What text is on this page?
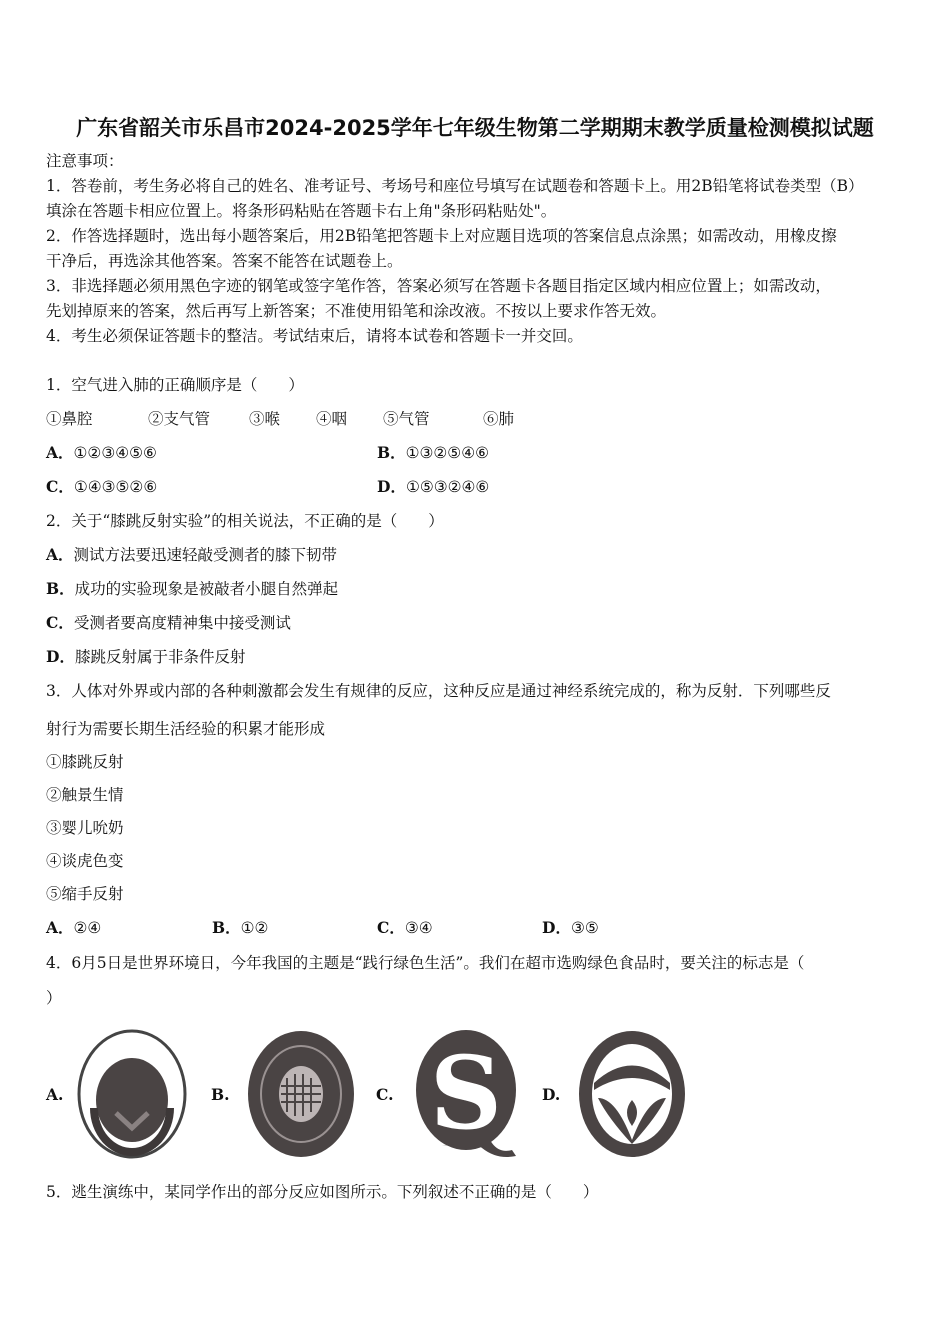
广东省韶关市乐昌市2024-2025学年七年级生物第二学期期末教学质量检测模拟试题
注意事项：
1．答卷前，考生务必将自己的姓名、准考证号、考场号和座位号填写在试题卷和答题卡上。用2B铅笔将试卷类型（B）
填涂在答题卡相应位置上。将条形码粘贴在答题卡右上角"条形码粘贴处"。
2．作答选择题时，选出每小题答案后，用2B铅笔把答题卡上对应题目选项的答案信息点涂黑；如需改动，用橡皮擦
干净后，再选涂其他答案。答案不能答在试题卷上。
3．非选择题必须用黑色字迹的钢笔或签字笔作答，答案必须写在答题卡各题目指定区域内相应位置上；如需改动，
先划掉原来的答案，然后再写上新答案；不准使用铅笔和涂改液。不按以上要求作答无效。
4．考生必须保证答题卡的整洁。考试结束后，请将本试卷和答题卡一并交回。
1．空气进入肺的正确顺序是（　　）
①鼻腔	②支气管	③喉 ④咽 ⑤气管	⑥肺
A．①②③④⑤⑥	B．①③②⑤④⑥
C．①④③⑤②⑥	D．①⑤③②④⑥
2．关于“膝跳反射实验”的相关说法，不正确的是（　　）
A．测试方法要迅速轻敲受测者的膝下韧带
B．成功的实验现象是被敲者小腿自然弹起
C．受测者要高度精神集中接受测试
D．膝跳反射属于非条件反射
3．人体对外界或内部的各种刺激都会发生有规律的反应，这种反应是通过神经系统完成的，称为反射．下列哪些反
射行为需要长期生活经验的积累才能形成
①膝跳反射
②触景生情
③婴儿吮奶
④谈虎色变
⑤缩手反射
A．②④	B．①②	C．③④	D．③⑤
4．6月5日是世界环境日，今年我国的主题是“践行绿色生活”。我们在超市选购绿色食品时，要关注的标志是（
）
A.	B.	C. S	D.
5．逃生演练中，某同学作出的部分反应如图所示。下列叙述不正确的是（　　）
